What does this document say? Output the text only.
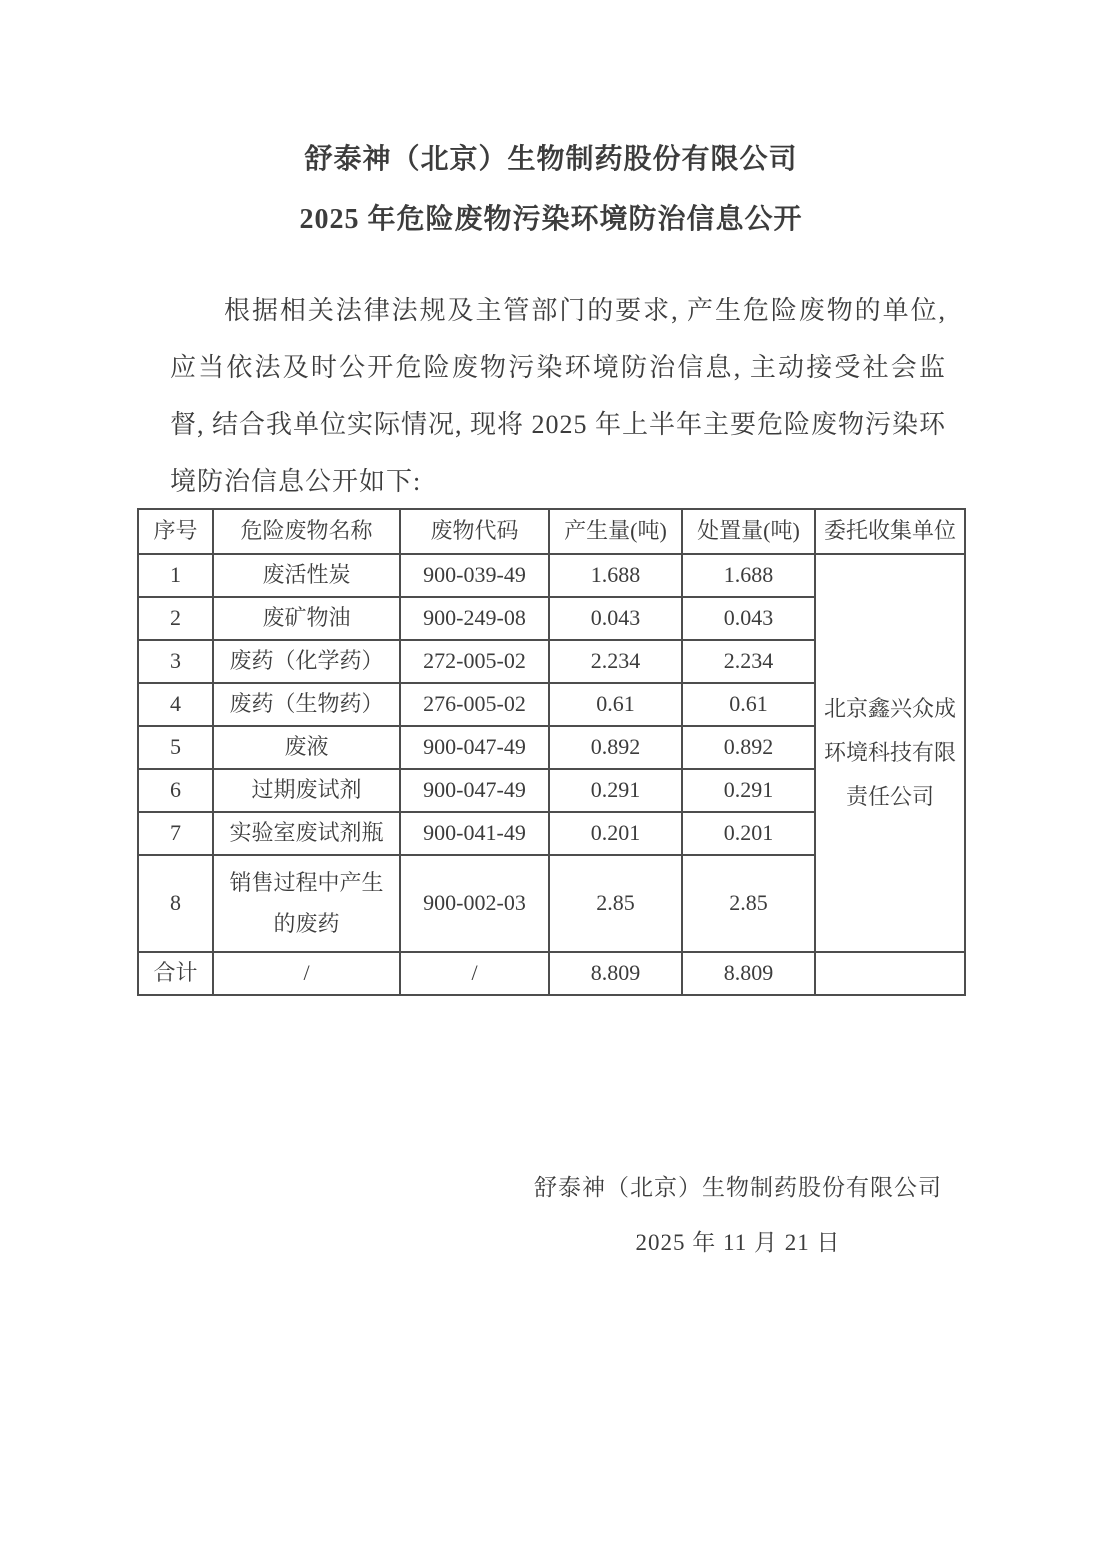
舒泰神（北京）生物制药股份有限公司
2025 年危险废物污染环境防治信息公开
根据相关法律法规及主管部门的要求, 产生危险废物的单位, 应当依法及时公开危险废物污染环境防治信息, 主动接受社会监督, 结合我单位实际情况, 现将 2025 年上半年主要危险废物污染环境防治信息公开如下:
序号	危险废物名称	废物代码	产生量(吨)	处置量(吨)	委托收集单位
1	废活性炭	900-039-49	1.688	1.688	北京鑫兴众成环境科技有限责任公司
2	废矿物油	900-249-08	0.043	0.043	
3	废药（化学药）	272-005-02	2.234	2.234	
4	废药（生物药）	276-005-02	0.61	0.61	
5	废液	900-047-49	0.892	0.892	
6	过期废试剂	900-047-49	0.291	0.291	
7	实验室废试剂瓶	900-041-49	0.201	0.201	
8	销售过程中产生的废药	900-002-03	2.85	2.85	
合计	/	/	8.809	8.809	
舒泰神（北京）生物制药股份有限公司
2025 年 11 月 21 日
